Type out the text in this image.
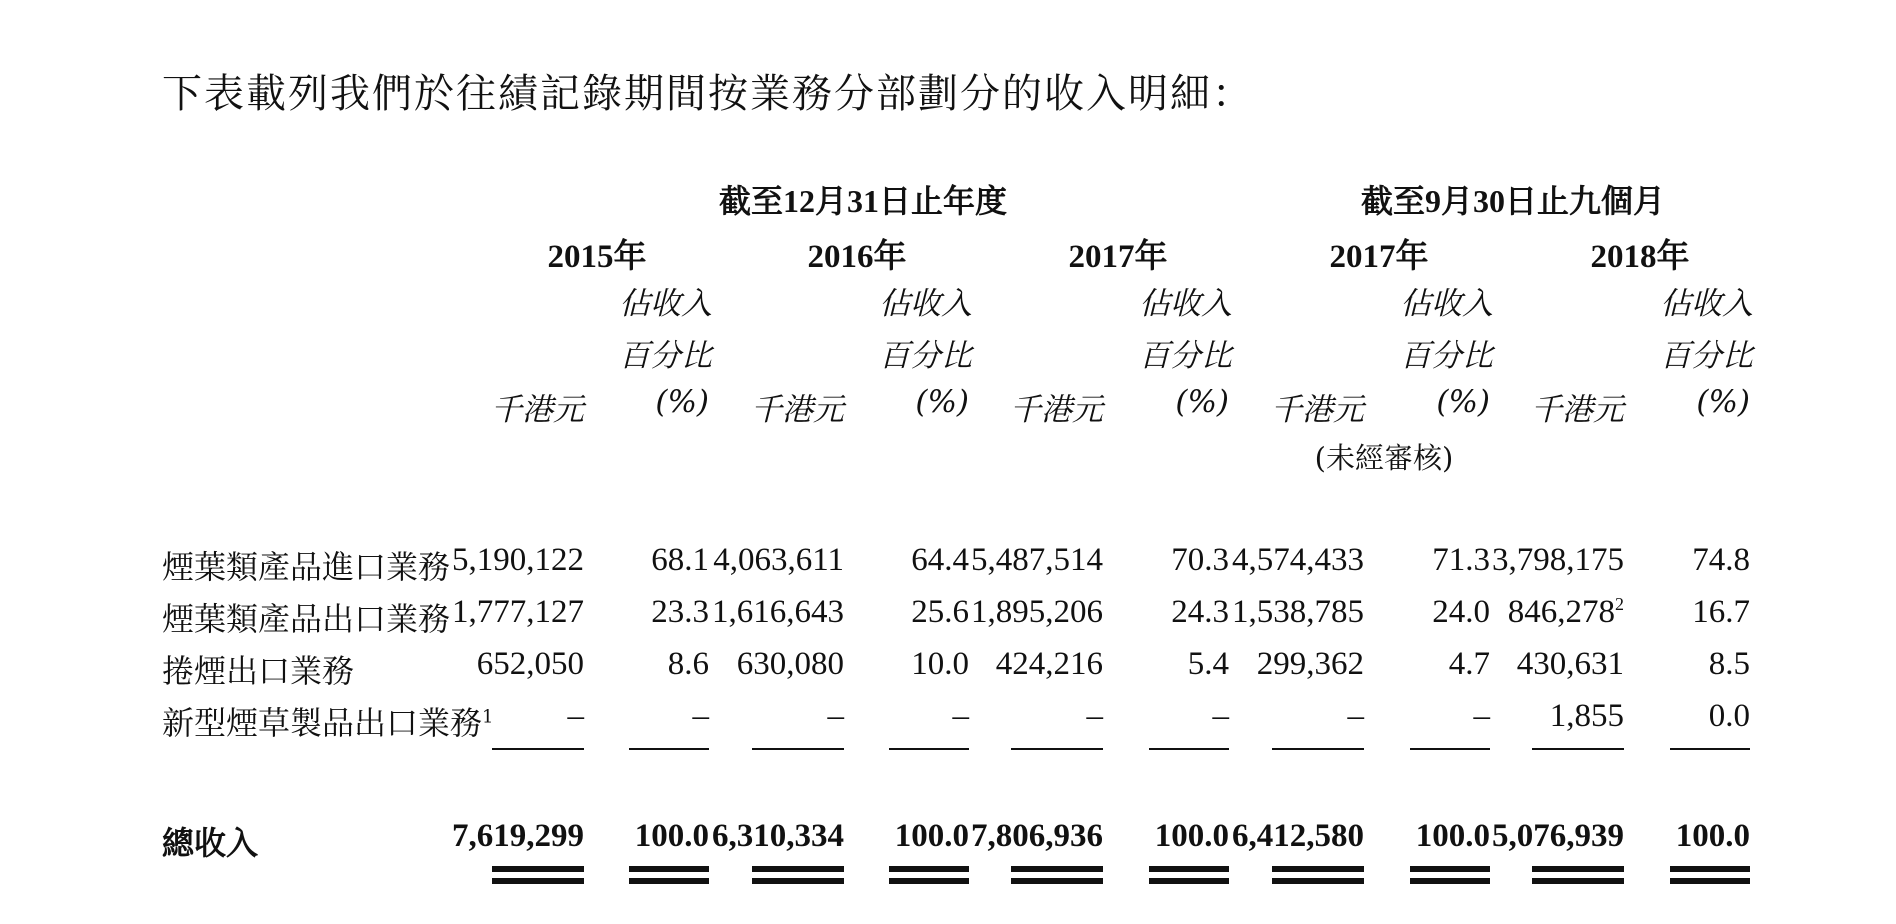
下表載列我們於往績記錄期間按業務分部劃分的收入明細：
截至12月31日止年度	截至9月30日止九個月
2015年	2016年	2017年	2017年	2018年
佔收入
百分比
佔收入
百分比
佔收入
百分比
佔收入
百分比
佔收入
百分比
千港元	(%)	千港元	(%)	千港元	(%)	千港元	(%)	千港元	(%)
(未經審核)
煙葉類產品進口業務 5,190,122 68.1 4,063,611 64.4 5,487,514 70.3 4,574,433 71.3 3,798,175 74.8
煙葉類產品出口業務 1,777,127 23.3 1,616,643 25.6 1,895,206 24.3 1,538,785 24.0 846,278$^2$ 16.7
捲煙出口業務	652,050	8.6 630,080 10.0 424,216	5.4 299,362	4.7 430,631	8.5
新型煙草製品出口業務$^1$ –	–	–	–	–	–	–	– 1,855	0.0
總收入	7,619,299 100.0 6,310,334 100.0 7,806,936 100.0 6,412,580 100.0 5,076,939 100.0
